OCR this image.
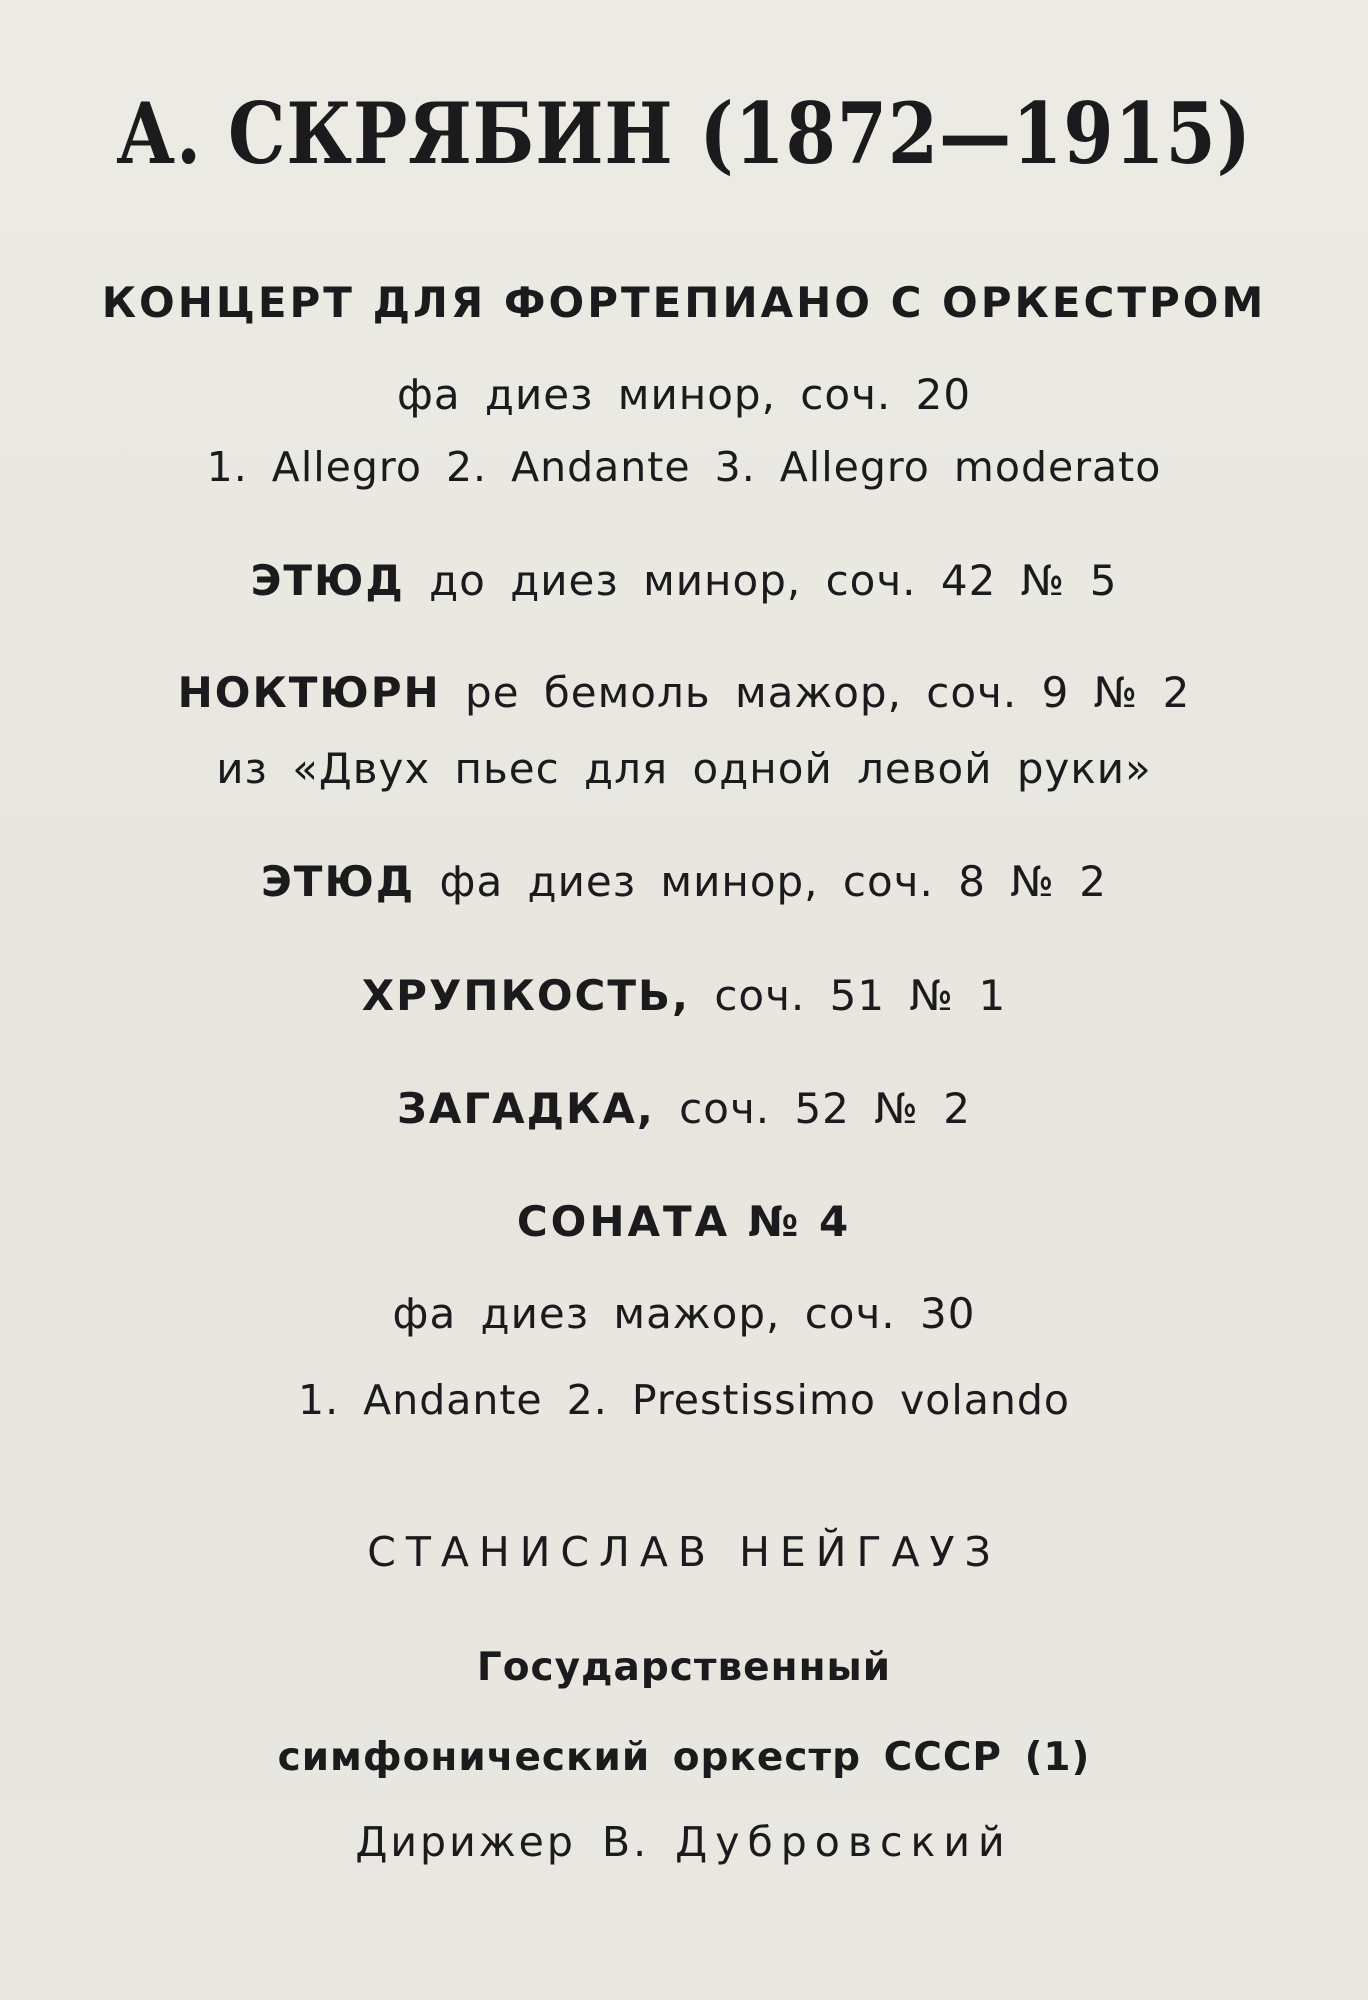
А. СКРЯБИН (1872—1915)
КОНЦЕРТ ДЛЯ ФОРТЕПИАНО С ОРКЕСТРОМ
фа диез минор, соч. 20
1. Allegro 2. Andante 3. Allegro moderato
ЭТЮД до диез минор, соч. 42 № 5
НОКТЮРН ре бемоль мажор, соч. 9 № 2
из «Двух пьес для одной левой руки»
ЭТЮД фа диез минор, соч. 8 № 2
ХРУПКОСТЬ, соч. 51 № 1
ЗАГАДКА, соч. 52 № 2
СОНАТА № 4
фа диез мажор, соч. 30
1. Andante 2. Prestissimo volando
СТАНИСЛАВ НЕЙГАУЗ
Государственный
симфонический оркестр СССР (1)
Дирижер В. Дубровский
